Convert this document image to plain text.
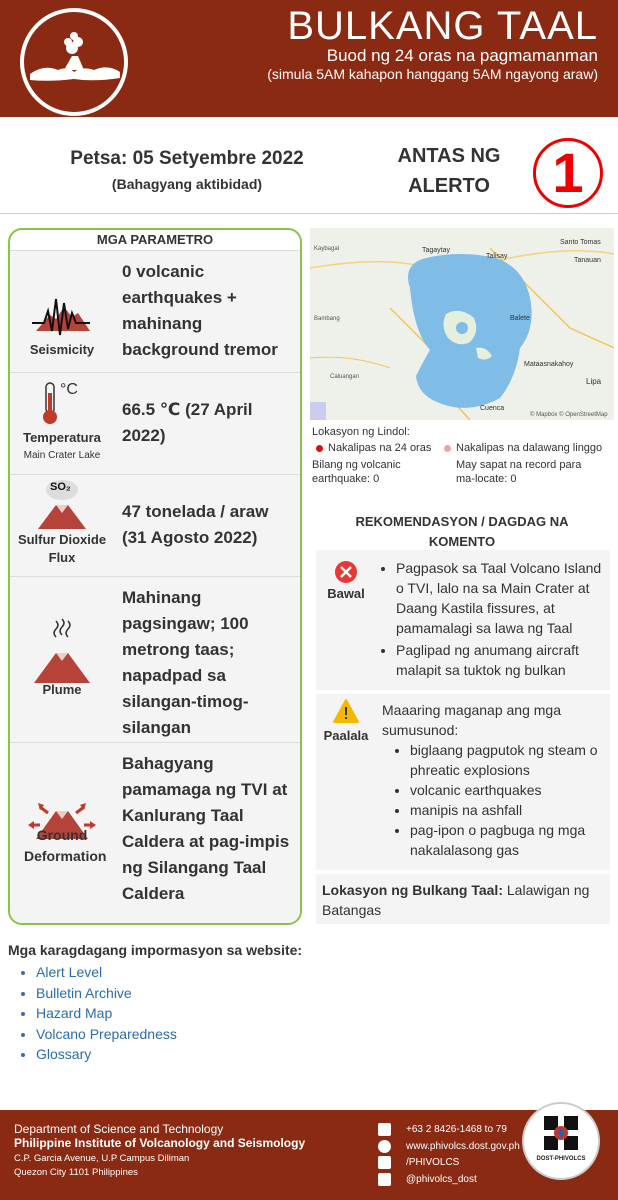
BULKANG TAAL
Buod ng 24 oras na pagmamanman
(simula 5AM kahapon hanggang 5AM ngayong araw)
Petsa: 05 Setyembre 2022
(Bahagyang aktibidad)
ANTAS NG
ALERTO	1
MGA PARAMETRO
Seismicity
0 volcanic earthquakes + mahinang background tremor
°C
Temperatura
Main Crater Lake
66.5 ℃ (27 April 2022)
SO₂
Sulfur Dioxide Flux
47 tonelada / araw (31 Agosto 2022)
Plume
Mahinang pagsingaw; 100 metrong taas; napadpad sa silangan-timog-silangan
Ground Deformation
Bahagyang pamamaga ng TVI at Kanlurang Taal Caldera at pag-impis ng Silangang Taal Caldera
Tagaytay
Talisay
Santo Tomas
Tanauan
Kaybagal
Bambang	Balete
Mataasnakahoy
Lipa
Cuenca
Caluangan
© Mapbox © OpenStreetMap
Lokasyon ng Lindol:
Nakalipas na 24 oras Nakalipas na dalawang linggo
Bilang ng volcanic earthquake: 0
May sapat na record para ma-locate: 0
REKOMENDASYON / DAGDAG NA
KOMENTO
Bawal
• Pagpasok sa Taal Volcano Island o TVI, lalo na sa Main Crater at Daang Kastila fissures, at pamamalagi sa lawa ng Taal
• Paglipad ng anumang aircraft malapit sa tuktok ng bulkan
Paalala
Maaaring maganap ang mga sumusunod:
• biglaang pagputok ng steam o phreatic explosions
• volcanic earthquakes
• manipis na ashfall
• pag-ipon o pagbuga ng mga nakalalasong gas
Lokasyon ng Bulkang Taal: Lalawigan ng Batangas
Mga karagdagang impormasyon sa website:
• Alert Level
• Bulletin Archive
• Hazard Map
• Volcano Preparedness
• Glossary
Department of Science and Technology
Philippine Institute of Volcanology and Seismology
C.P. Garcia Avenue, U.P Campus Diliman
Quezon City 1101 Philippines
+63 2 8426-1468 to 79
www.phivolcs.dost.gov.ph
/PHIVOLCS
@phivolcs_dost
DOST-PHIVOLCS
